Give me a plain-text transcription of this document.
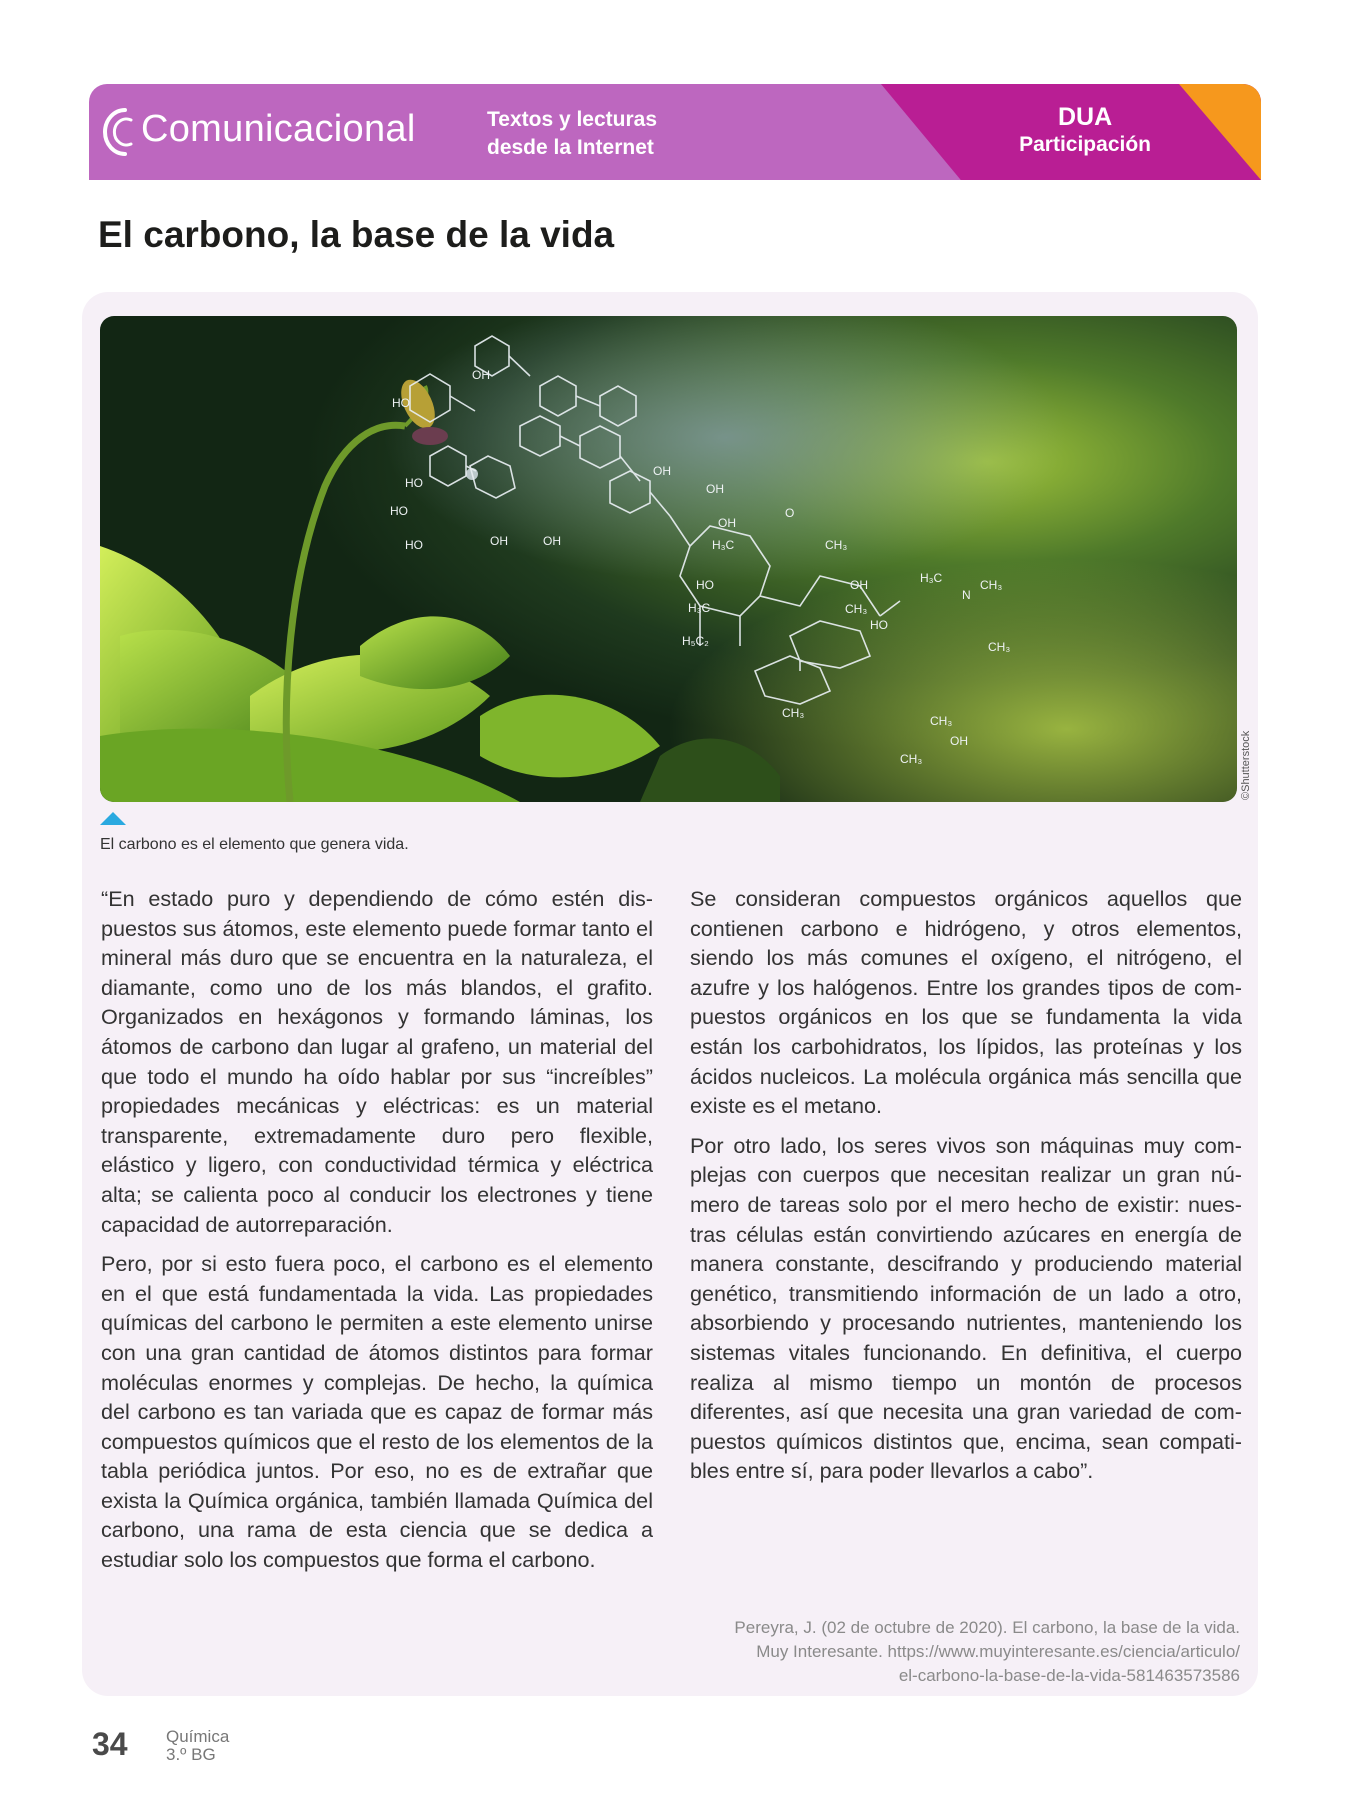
Comunicacional	Textos y lecturas
desde la Internet
DUA
Participación
El carbono, la base de la vida
OH
HO
HO
HO
HO	OH	OH
OH
OH
OH
O
H₃C	CH₃
HO
H₃C
OH
CH₃
H₃C
N
CH₃
HO
CH₃
H₅C₂
CH₃
CH₃
OH
CH₃	©Shutterstock
El carbono es el elemento que genera vida.

“En estado puro y dependiendo de cómo estén dispuestos sus átomos, este elemento puede formar tanto el mineral más duro que se encuentra en la naturaleza, el diamante, como uno de los más blandos, el grafito. Organizados en hexágonos y formando láminas, los átomos de carbono dan lugar al grafeno, un material del que todo el mundo ha oído hablar por sus “increíbles” propiedades mecánicas y eléctricas: es un material transparente, extremadamente duro pero flexible, elástico y ligero, con conductividad térmica y eléctrica alta; se calienta poco al conducir los electrones y tiene capacidad de autorreparación.

Pero, por si esto fuera poco, el carbono es el elemento en el que está fundamentada la vida. Las propiedades químicas del carbono le permiten a este elemento unirse con una gran cantidad de átomos distintos para formar moléculas enormes y complejas. De hecho, la química del carbono es tan variada que es capaz de formar más compuestos químicos que el resto de los elementos de la tabla periódica juntos. Por eso, no es de extrañar que exista la Química orgánica, también llamada Química del carbono, una rama de esta ciencia que se dedica a estudiar solo los compuestos que forma el carbono.

Se consideran compuestos orgánicos aquellos que contienen carbono e hidrógeno, y otros elementos, siendo los más comunes el oxígeno, el nitrógeno, el azufre y los halógenos. Entre los grandes tipos de compuestos orgánicos en los que se fundamenta la vida están los carbohidratos, los lípidos, las proteínas y los ácidos nucleicos. La molécula orgánica más sencilla que existe es el metano.

Por otro lado, los seres vivos son máquinas muy complejas con cuerpos que necesitan realizar un gran número de tareas solo por el mero hecho de existir: nuestras células están convirtiendo azúcares en energía de manera constante, descifrando y produciendo material genético, transmitiendo información de un lado a otro, absorbiendo y procesando nutrientes, manteniendo los sistemas vitales funcionando. En definitiva, el cuerpo realiza al mismo tiempo un montón de procesos diferentes, así que necesita una gran variedad de compuestos químicos distintos que, encima, sean compatibles entre sí, para poder llevarlos a cabo”.

Pereyra, J. (02 de octubre de 2020). El carbono, la base de la vida.
Muy Interesante. https://www.muyinteresante.es/ciencia/articulo/
el-carbono-la-base-de-la-vida-581463573586
34 Química
3.º BG
